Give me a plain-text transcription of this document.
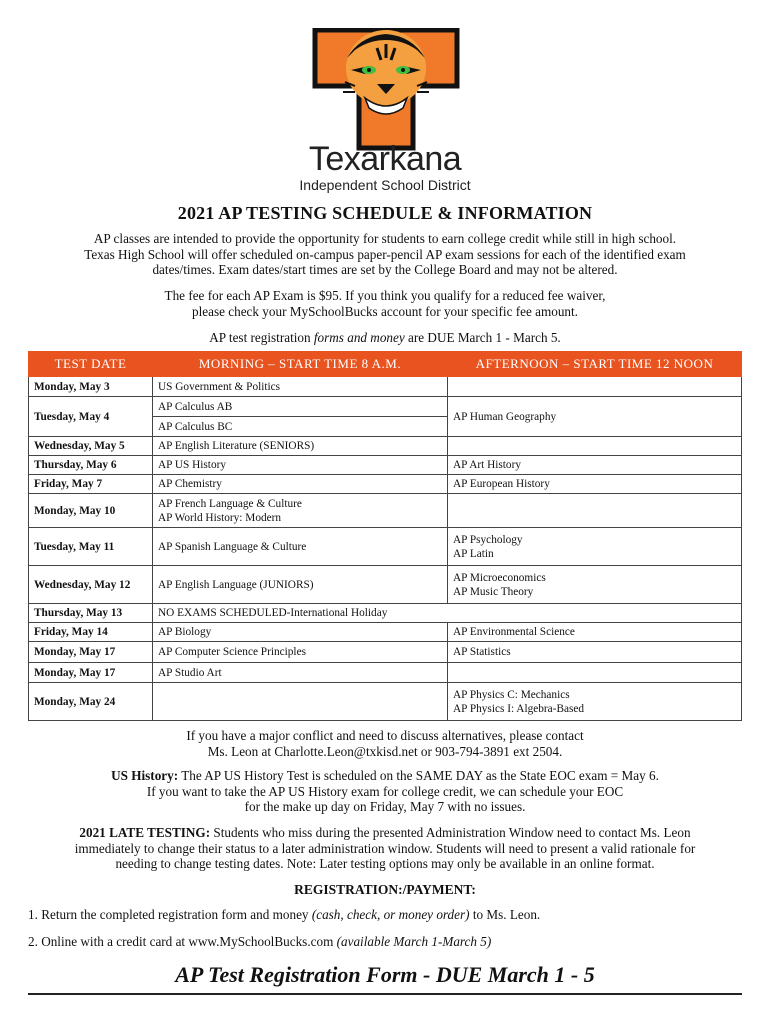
Texarkana
Independent School District
2021 AP TESTING SCHEDULE & INFORMATION
AP classes are intended to provide the opportunity for students to earn college credit while still in high school.
Texas High School will offer scheduled on-campus paper-pencil AP exam sessions for each of the identified exam
dates/times. Exam dates/start times are set by the College Board and may not be altered.
The fee for each AP Exam is $95. If you think you qualify for a reduced fee waiver,
please check your MySchoolBucks account for your specific fee amount.
AP test registration forms and money are DUE March 1 - March 5.
TEST DATE	MORNING – START TIME 8 A.M.	AFTERNOON – START TIME 12 NOON
Monday, May 3	US Government & Politics	
Tuesday, May 4	AP Calculus AB	AP Human Geography
	AP Calculus BC	
Wednesday, May 5	AP English Literature (SENIORS)	
Thursday, May 6	AP US History	AP Art History
Friday, May 7	AP Chemistry	AP European History
Monday, May 10	AP French Language & Culture
AP World History: Modern	

Tuesday, May 11	AP Spanish Language & Culture	AP Psychology
AP Latin

Wednesday, May 12	AP English Language (JUNIORS)	AP Microeconomics
AP Music Theory

Thursday, May 13	NO EXAMS SCHEDULED-International Holiday	
Friday, May 14	AP Biology	AP Environmental Science
Monday, May 17	AP Computer Science Principles	AP Statistics
Monday, May 17	AP Studio Art	
Monday, May 24		AP Physics C: Mechanics
AP Physics I: Algebra-Based
If you have a major conflict and need to discuss alternatives, please contact
Ms. Leon at Charlotte.Leon@txkisd.net or 903-794-3891 ext 2504.
US History: The AP US History Test is scheduled on the SAME DAY as the State EOC exam = May 6.
If you want to take the AP US History exam for college credit, we can schedule your EOC
for the make up day on Friday, May 7 with no issues.
2021 LATE TESTING: Students who miss during the presented Administration Window need to contact Ms. Leon
immediately to change their status to a later administration window. Students will need to present a valid rationale for
needing to change testing dates. Note: Later testing options may only be available in an online format.
REGISTRATION:/PAYMENT:
1. Return the completed registration form and money (cash, check, or money order) to Ms. Leon.
2. Online with a credit card at www.MySchoolBucks.com (available March 1-March 5)
AP Test Registration Form - DUE March 1 - 5
